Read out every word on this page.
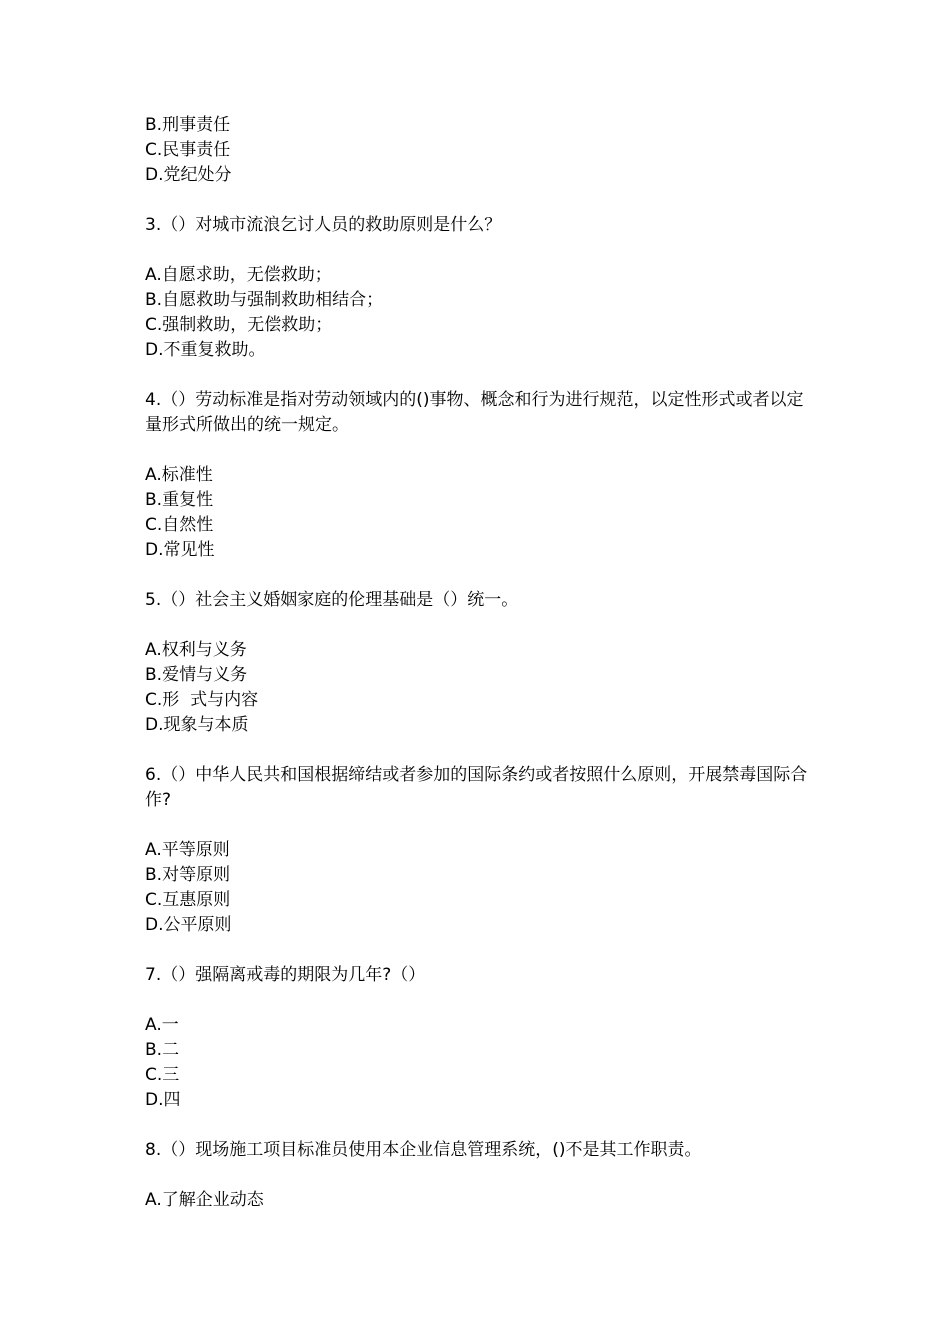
B.刑事责任
C.民事责任
D.党纪处分
3.（）对城市流浪乞讨人员的救助原则是什么？
A.自愿求助，无偿救助；
B.自愿救助与强制救助相结合；
C.强制救助，无偿救助；
D.不重复救助。
4.（）劳动标准是指对劳动领域内的()事物、概念和行为进行规范，以定性形式或者以定量形式所做出的统一规定。
A.标准性
B.重复性
C.自然性
D.常见性
5.（）社会主义婚姻家庭的伦理基础是（）统一。
A.权利与义务
B.爱情与义务
C.形  式与内容
D.现象与本质
6.（）中华人民共和国根据缔结或者参加的国际条约或者按照什么原则，开展禁毒国际合作?
A.平等原则
B.对等原则
C.互惠原则
D.公平原则
7.（）强隔离戒毒的期限为几年?（）
A.一
B.二
C.三
D.四
8.（）现场施工项目标准员使用本企业信息管理系统，()不是其工作职责。
A.了解企业动态
